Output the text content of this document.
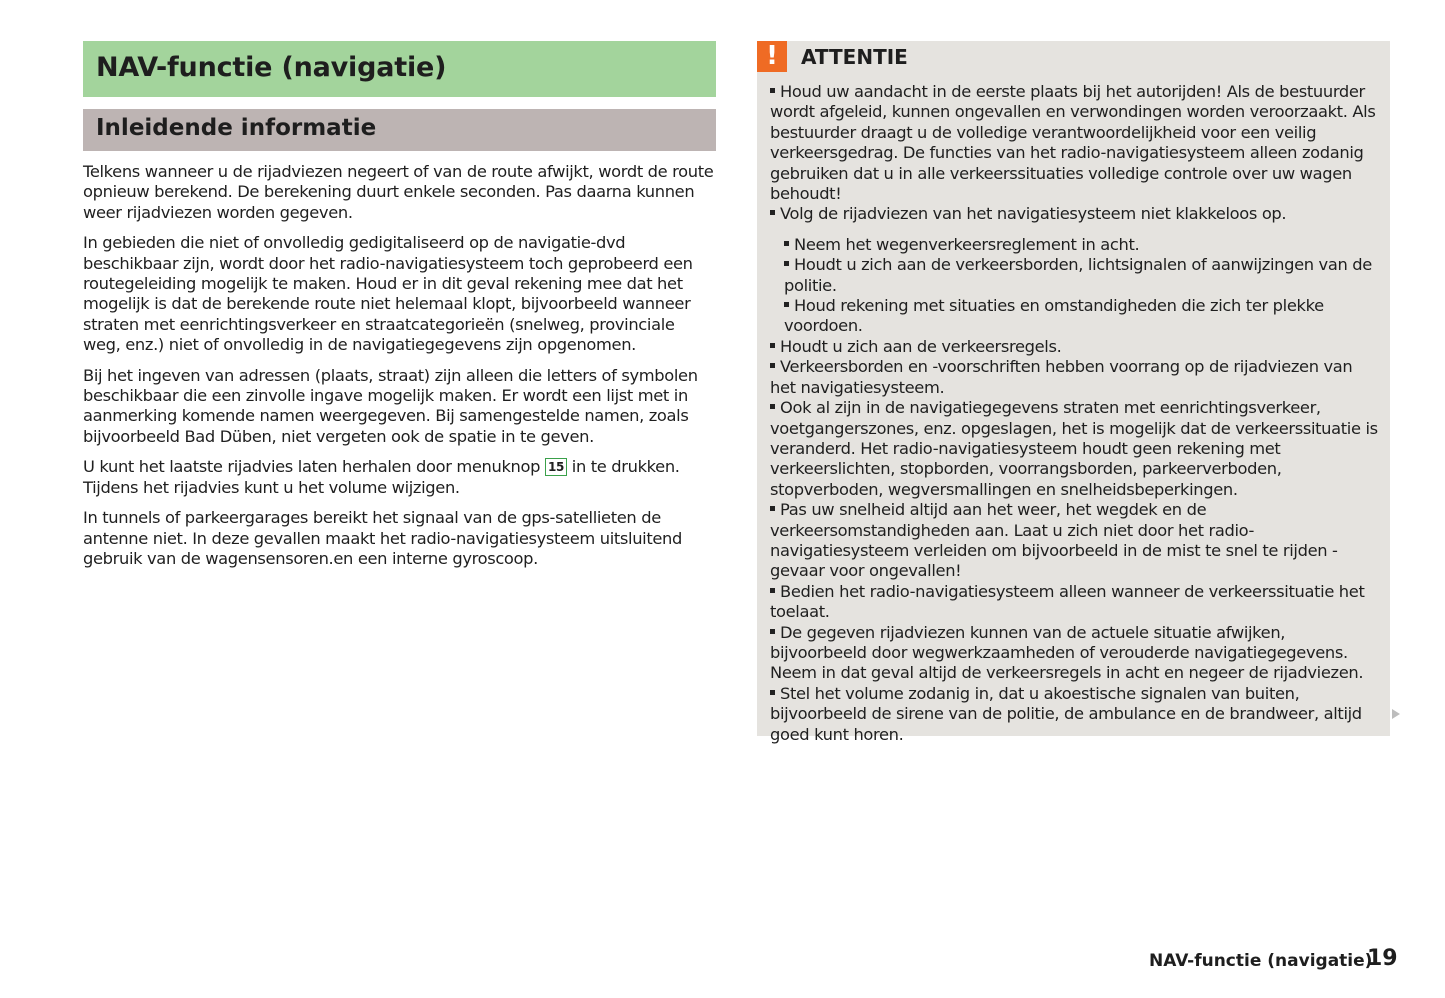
NAV-functie (navigatie)
Inleidende informatie

Telkens wanneer u de rijadviezen negeert of van de route afwijkt, wordt de route opnieuw berekend. De berekening duurt enkele seconden. Pas daarna kunnen weer rijadviezen worden gegeven.

In gebieden die niet of onvolledig gedigitaliseerd op de navigatie-dvd beschikbaar zijn, wordt door het radio-navigatiesysteem toch geprobeerd een routegeleiding mogelijk te maken. Houd er in dit geval rekening mee dat het mogelijk is dat de berekende route niet helemaal klopt, bijvoorbeeld wanneer straten met eenrichtingsverkeer en straatcategorieën (snelweg, provinciale weg, enz.) niet of onvolledig in de navigatiegegevens zijn opgenomen.

Bij het ingeven van adressen (plaats, straat) zijn alleen die letters of symbolen beschikbaar die een zinvolle ingave mogelijk maken. Er wordt een lijst met in aanmerking komende namen weergegeven. Bij samengestelde namen, zoals bijvoorbeeld Bad Düben, niet vergeten ook de spatie in te geven.

U kunt het laatste rijadvies laten herhalen door menuknop 15 in te drukken. Tijdens het rijadvies kunt u het volume wijzigen.

In tunnels of parkeergarages bereikt het signaal van de gps-satellieten de antenne niet. In deze gevallen maakt het radio-navigatiesysteem uitsluitend gebruik van de wagensensoren.en een interne gyroscoop.

!	ATTENTIE
Houd uw aandacht in de eerste plaats bij het autorijden! Als de bestuurder wordt afgeleid, kunnen ongevallen en verwondingen worden veroorzaakt. Als bestuurder draagt u de volledige verantwoordelijkheid voor een veilig verkeersgedrag. De functies van het radio-navigatiesysteem alleen zodanig gebruiken dat u in alle verkeerssituaties volledige controle over uw wagen behoudt!
Volg de rijadviezen van het navigatiesysteem niet klakkeloos op.
Neem het wegenverkeersreglement in acht.
Houdt u zich aan de verkeersborden, lichtsignalen of aanwijzingen van de politie.
Houd rekening met situaties en omstandigheden die zich ter plekke voordoen.
Houdt u zich aan de verkeersregels.
Verkeersborden en -voorschriften hebben voorrang op de rijadviezen van het navigatiesysteem.
Ook al zijn in de navigatiegegevens straten met eenrichtingsverkeer, voetgangerszones, enz. opgeslagen, het is mogelijk dat de verkeerssituatie is veranderd. Het radio-navigatiesysteem houdt geen rekening met verkeerslichten, stopborden, voorrangsborden, parkeerverboden, stopverboden, wegversmallingen en snelheidsbeperkingen.
Pas uw snelheid altijd aan het weer, het wegdek en de verkeersomstandigheden aan. Laat u zich niet door het radio-navigatiesysteem verleiden om bijvoorbeeld in de mist te snel te rijden - gevaar voor ongevallen!
Bedien het radio-navigatiesysteem alleen wanneer de verkeerssituatie het toelaat.
De gegeven rijadviezen kunnen van de actuele situatie afwijken, bijvoorbeeld door wegwerkzaamheden of verouderde navigatiegegevens. Neem in dat geval altijd de verkeersregels in acht en negeer de rijadviezen.
Stel het volume zodanig in, dat u akoestische signalen van buiten, bijvoorbeeld de sirene van de politie, de ambulance en de brandweer, altijd goed kunt horen.
NAV-functie (navigatie)
19
